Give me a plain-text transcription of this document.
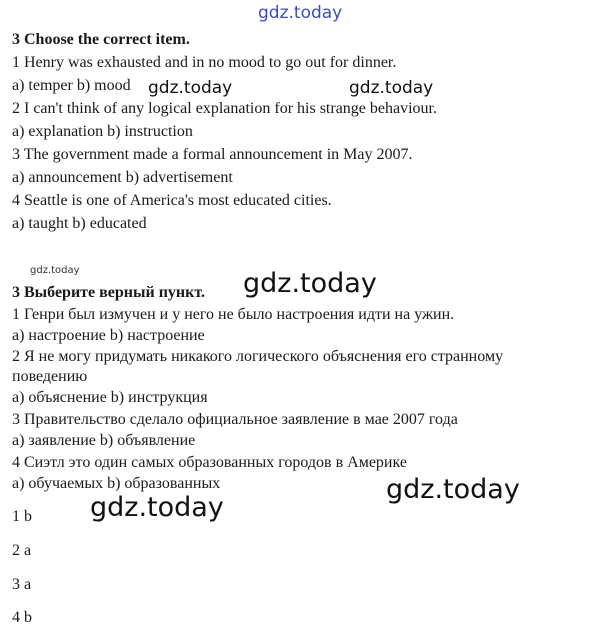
gdz.today
gdz.today	gdz.today
gdz.today	gdz.today
gdz.today
gdz.today
3 Choose the correct item.
1 Henry was exhausted and in no mood to go out for dinner.
a) temper b) mood
2 I can't think of any logical explanation for his strange behaviour.
a) explanation b) instruction
3 The government made a formal announcement in May 2007.
a) announcement b) advertisement
4 Seattle is one of America's most educated cities.
a) taught b) educated
3 Выберите верный пункт.
1 Генри был измучен и у него не было настроения идти на ужин.
а) настроение b) настроение
2 Я не могу придумать никакого логического объяснения его странному
поведению
а) объяснение b) инструкция
3 Правительство сделало официальное заявление в мае 2007 года
а) заявление b) объявление
4 Сиэтл это один самых образованных городов в Америке
а) обучаемых b) образованных
1 b
2 a
3 a
4 b
